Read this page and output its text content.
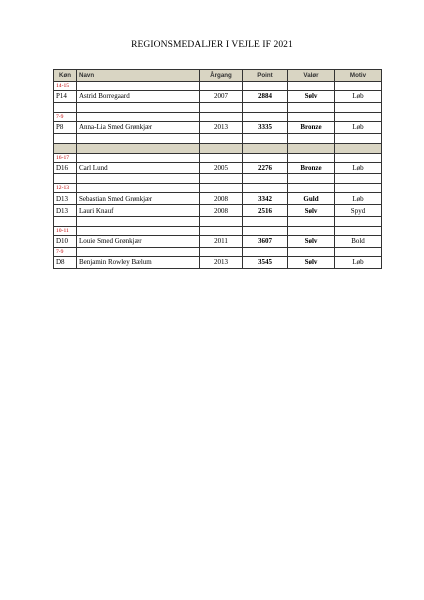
REGIONSMEDALJER I VEJLE IF 2021
Køn	Navn	Årgang	Point	Valør	Motiv
14-15					
P14	Astrid Borregaard	2007	2884	Sølv	Løb

7-9					
P8	Anna-Lia Smed Grønkjær	2013	3335	Bronze	Løb

16-17					
D16	Carl Lund	2005	2276	Bronze	Løb

12-13					
D13	Sebastian Smed Grønkjær	2008	3342	Guld	Løb
D13	Lauri Knauf	2008	2516	Sølv	Spyd

10-11					
D10	Louie Smed Grønkjær	2011	3607	Sølv	Bold
7-9					
D8	Benjamin Rowley Bælum	2013	3545	Sølv	Løb
